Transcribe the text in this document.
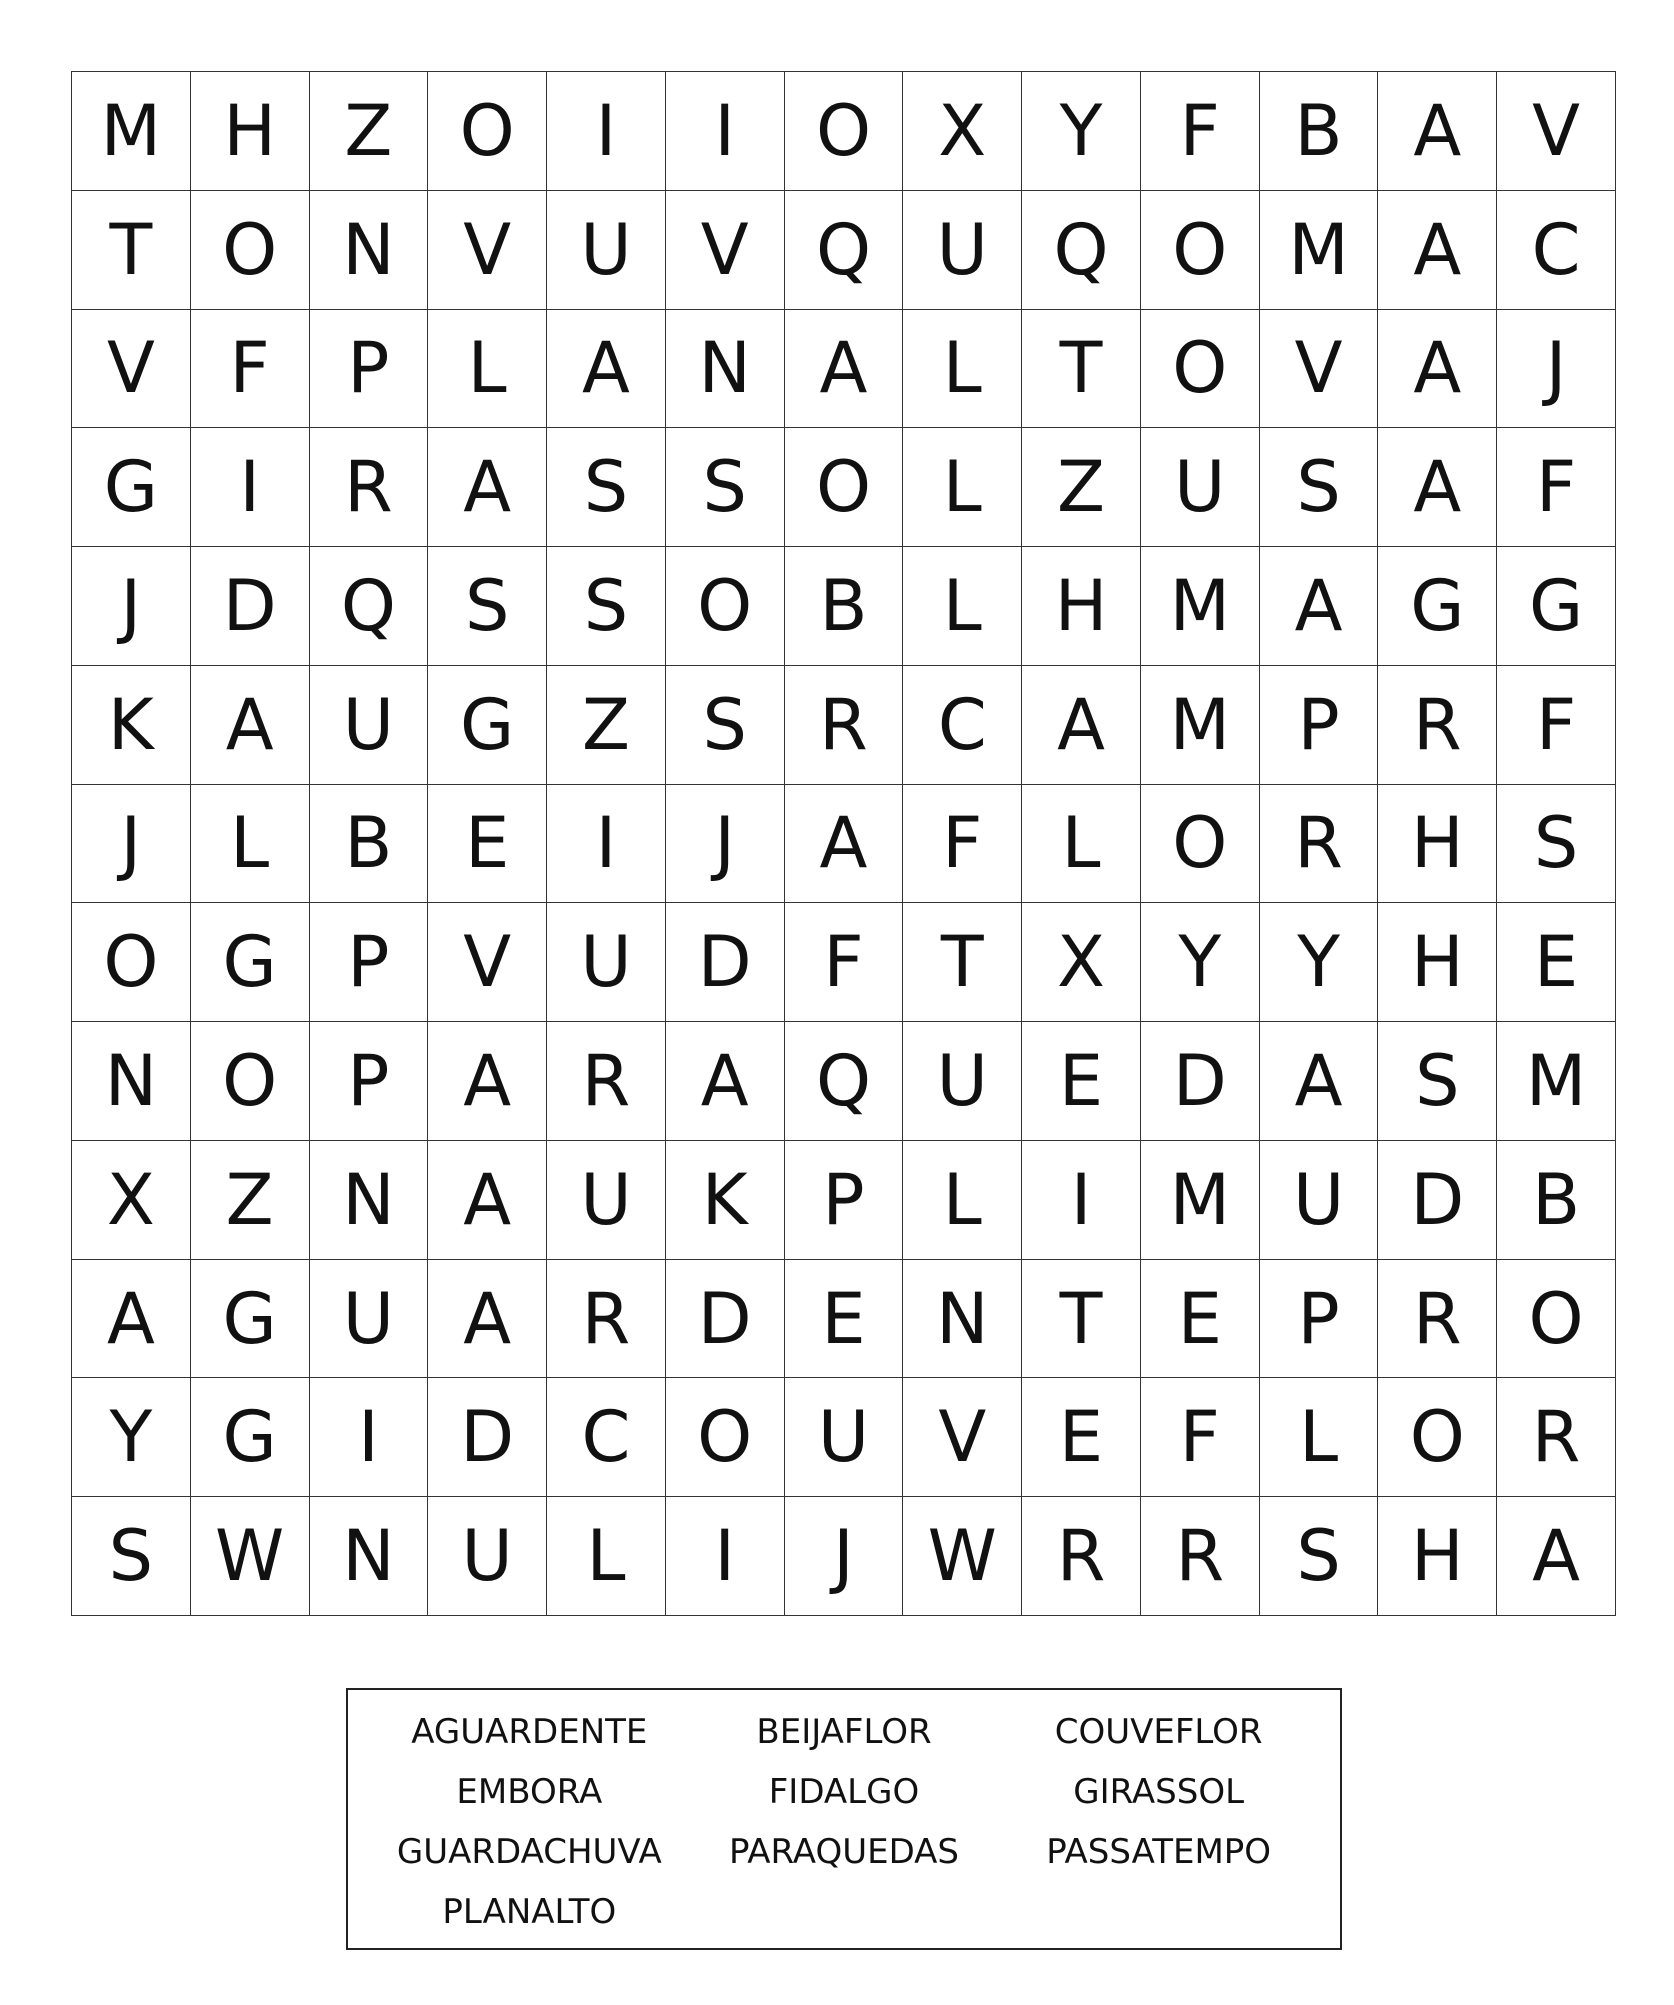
M H Z O	I	I	O X	Y	F	B	A	V
T O N V U V Q U Q O M A	C
V	F	P	L	A N A	L	T O V	A	J
G	I	R	A	S	S O	L	Z U	S	A	F
J	D Q S	S O B	L	H M A G G
K	A U G Z	S	R	C	A M P	R	F
J	L	B	E	I	J	A	F	L	O R H	S
O G	P	V U D	F	T	X	Y	Y	H	E
N O	P	A	R	A Q U	E D A	S M
X	Z N A U	K	P	L	I	M U D B
A G U A	R D E	N	T	E	P	R O
Y	G	I	D C O U V	E	F	L	O R
S W N U	L	I	J	W R	R	S	H A
AGUARDENTE	BEIJAFLOR	COUVEFLOR
EMBORA	FIDALGO	GIRASSOL
GUARDACHUVA	PARAQUEDAS	PASSATEMPO
PLANALTO
